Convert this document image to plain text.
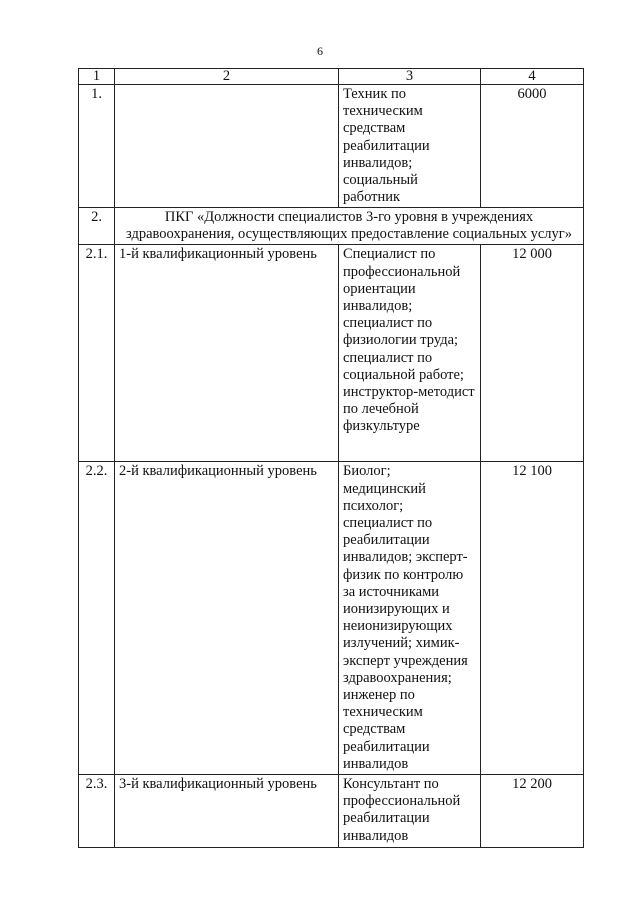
6
1	2	3	4
1.		Техник по техническим средствам реабилитации инвалидов; социальный работник	6000
2.	ПКГ «Должности специалистов 3-го уровня в учреждениях здравоохранения, осуществляющих предоставление социальных услуг»		
2.1.	1-й квалификационный уровень	Специалист по профессиональной ориентации инвалидов; специалист по физиологии труда; специалист по социальной работе; инструктор-методист по лечебной физкультуре	12 000
2.2.	2-й квалификационный уровень	Биолог; медицинский психолог; специалист по реабилитации инвалидов; эксперт-физик по контролю за источниками ионизирующих и неионизирующих излучений; химик-эксперт учреждения здравоохранения; инженер по техническим средствам реабилитации инвалидов	12 100
2.3.	3-й квалификационный уровень	Консультант по профессиональной реабилитации инвалидов	12 200
